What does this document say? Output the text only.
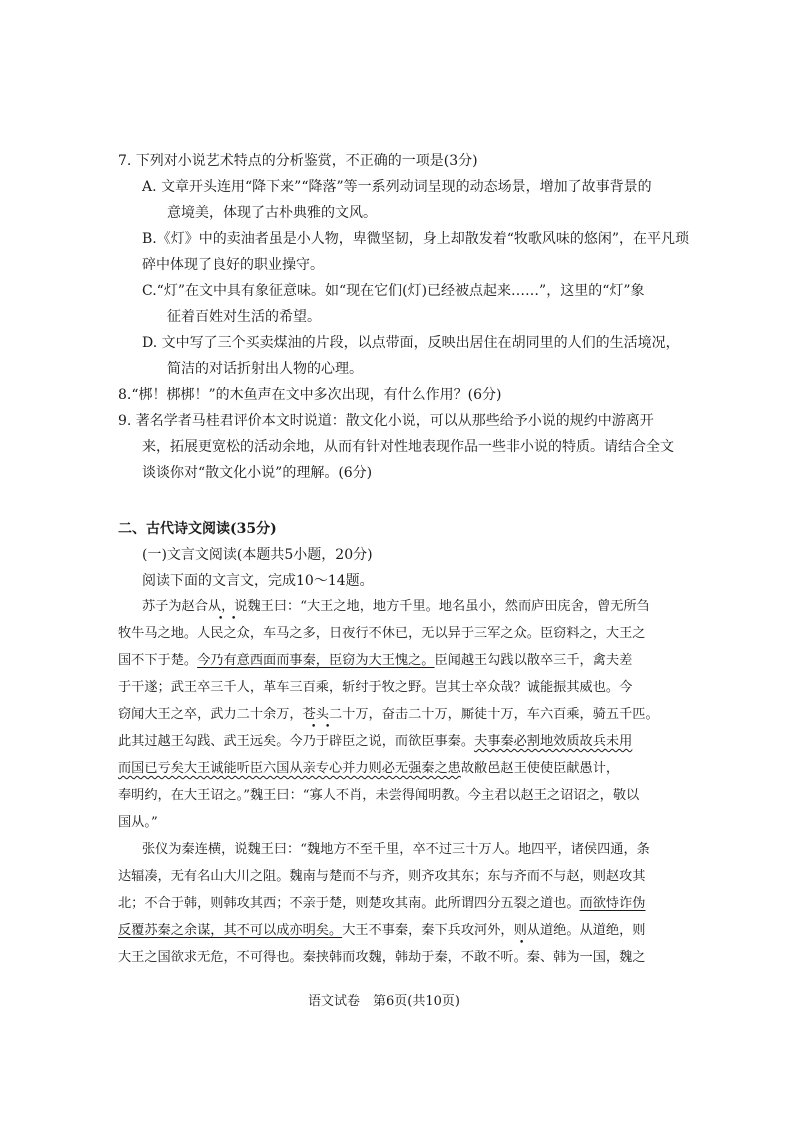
7. 下列对小说艺术特点的分析鉴赏，不正确的一项是(3分)

A. 文章开头连用“降下来”“降落”等一系列动词呈现的动态场景，增加了故事背景的

意境美，体现了古朴典雅的文风。

B.《灯》中的卖油者虽是小人物，卑微坚韧，身上却散发着“牧歌风味的悠闲”，在平凡琐

碎中体现了良好的职业操守。

C.“灯”在文中具有象征意味。如“现在它们(灯)已经被点起来……”，这里的“灯”象

征着百姓对生活的希望。

D. 文中写了三个买卖煤油的片段，以点带面，反映出居住在胡同里的人们的生活境况，

简洁的对话折射出人物的心理。

8.“梆！梆梆！”的木鱼声在文中多次出现，有什么作用？(6分)

9. 著名学者马桂君评价本文时说道：散文化小说，可以从那些给予小说的规约中游离开

来，拓展更宽松的活动余地，从而有针对性地表现作品一些非小说的特质。请结合全文

谈谈你对“散文化小说”的理解。(6分)

二、古代诗文阅读(35分)

(一)文言文阅读(本题共5小题，20分)

阅读下面的文言文，完成10～14题。

苏子为赵合从，说魏王曰：“大王之地，地方千里。地名虽小，然而庐田庑舍，曾无所刍

• •

牧牛马之地。人民之众，车马之多，日夜行不休已，无以异于三军之众。臣窃料之，大王之

国不下于楚。今乃有意西面而事秦，臣窃为大王愧之。臣闻越王勾践以散卒三千，禽夫差

于干遂；武王卒三千人，革车三百乘，斩纣于牧之野。岂其士卒众哉？诚能振其威也。今

窃闻大王之卒，武力二十余万，苍头二十万，奋击二十万，厮徒十万，车六百乘，骑五千匹。

• •

此其过越王勾践、武王远矣。今乃于辟臣之说，而欲臣事秦。夫事秦必割地效质故兵未用

而国已亏矣大王诚能听臣六国从亲专心并力则必无强秦之患故敝邑赵王使使臣献愚计，

奉明约，在大王诏之。”魏王曰：“寡人不肖，未尝得闻明教。今主君以赵王之诏诏之，敬以

国从。”

张仪为秦连横，说魏王曰：“魏地方不至千里，卒不过三十万人。地四平，诸侯四通，条

达辐凑，无有名山大川之阻。魏南与楚而不与齐，则齐攻其东；东与齐而不与赵，则赵攻其

北；不合于韩，则韩攻其西；不亲于楚，则楚攻其南。此所谓四分五裂之道也。而欲恃诈伪

反覆苏秦之余谋，其不可以成亦明矣。大王不事秦，秦下兵攻河外，则从道绝。从道绝，则

•

大王之国欲求无危，不可得也。秦挟韩而攻魏，韩劫于秦，不敢不听。秦、韩为一国，魏之

语文试卷　第6页(共10页)
